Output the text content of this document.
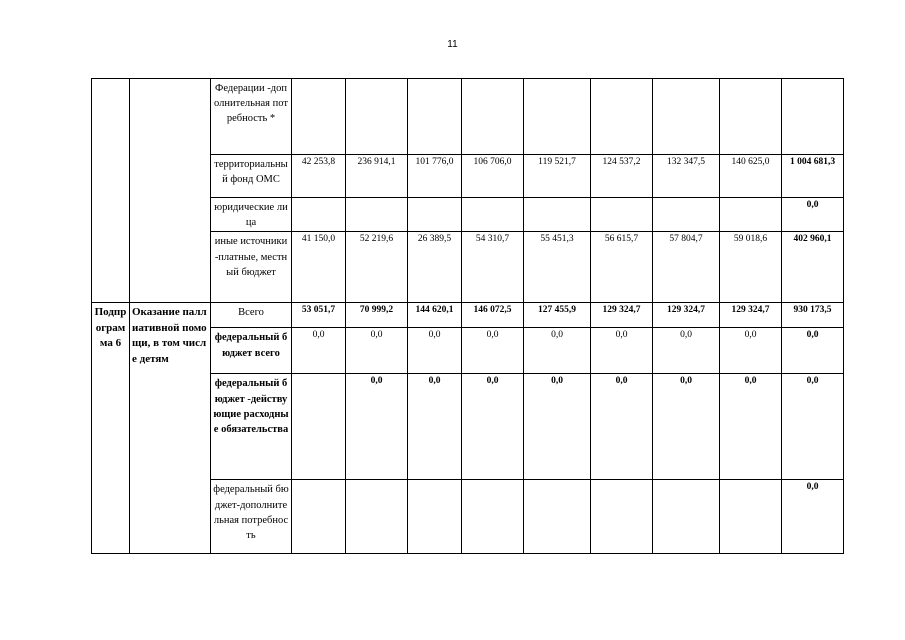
11
		Федерации -дополнительная потребность *									
		территориальный фонд ОМС	42 253,8	236 914,1	101 776,0	106 706,0	119 521,7	124 537,2	132 347,5	140 625,0	1 004 681,3
		юридические лица									0,0
		иные источники -платные, местный бюджет	41 150,0	52 219,6	26 389,5	54 310,7	55 451,3	56 615,7	57 804,7	59 018,6	402 960,1
Подпрограмма 6	Оказание паллиативной помощи, в том числе детям	Всего	53 051,7	70 999,2	144 620,1	146 072,5	127 455,9	129 324,7	129 324,7	129 324,7	930 173,5
		федеральный бюджет всего	0,0	0,0	0,0	0,0	0,0	0,0	0,0	0,0	0,0
		федеральный бюджет -действующие расходные обязательства		0,0	0,0	0,0	0,0	0,0	0,0	0,0	0,0
		федеральный бюджет-дополнительная потребность									0,0
